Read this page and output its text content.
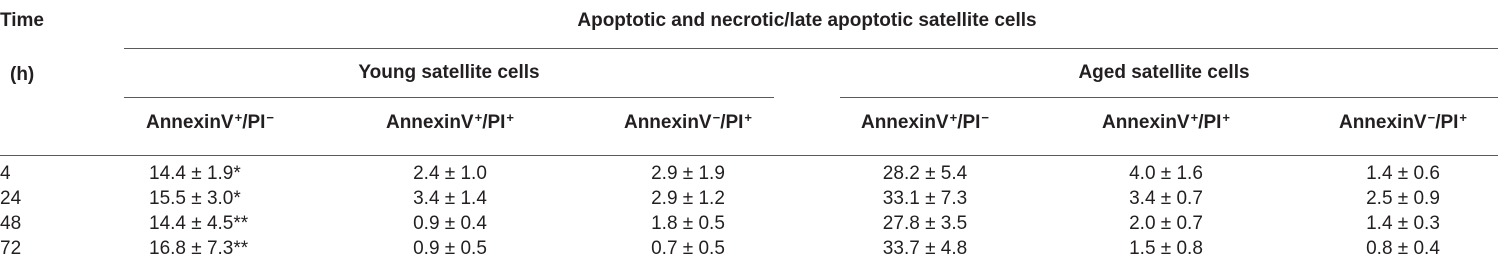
Time
(h)
Apoptotic and necrotic/late apoptotic satellite cells
Young satellite cells	Aged satellite cells
AnnexinV+/PI−	AnnexinV+/PI+	AnnexinV−/PI+	AnnexinV+/PI−	AnnexinV+/PI+	AnnexinV−/PI+
4	14.4 ± 1.9*	2.4 ± 1.0	2.9 ± 1.9	28.2 ± 5.4	4.0 ± 1.6	1.4 ± 0.6
24	15.5 ± 3.0*	3.4 ± 1.4	2.9 ± 1.2	33.1 ± 7.3	3.4 ± 0.7	2.5 ± 0.9
48	14.4 ± 4.5**	0.9 ± 0.4	1.8 ± 0.5	27.8 ± 3.5	2.0 ± 0.7	1.4 ± 0.3
72	16.8 ± 7.3**	0.9 ± 0.5	0.7 ± 0.5	33.7 ± 4.8	1.5 ± 0.8	0.8 ± 0.4
